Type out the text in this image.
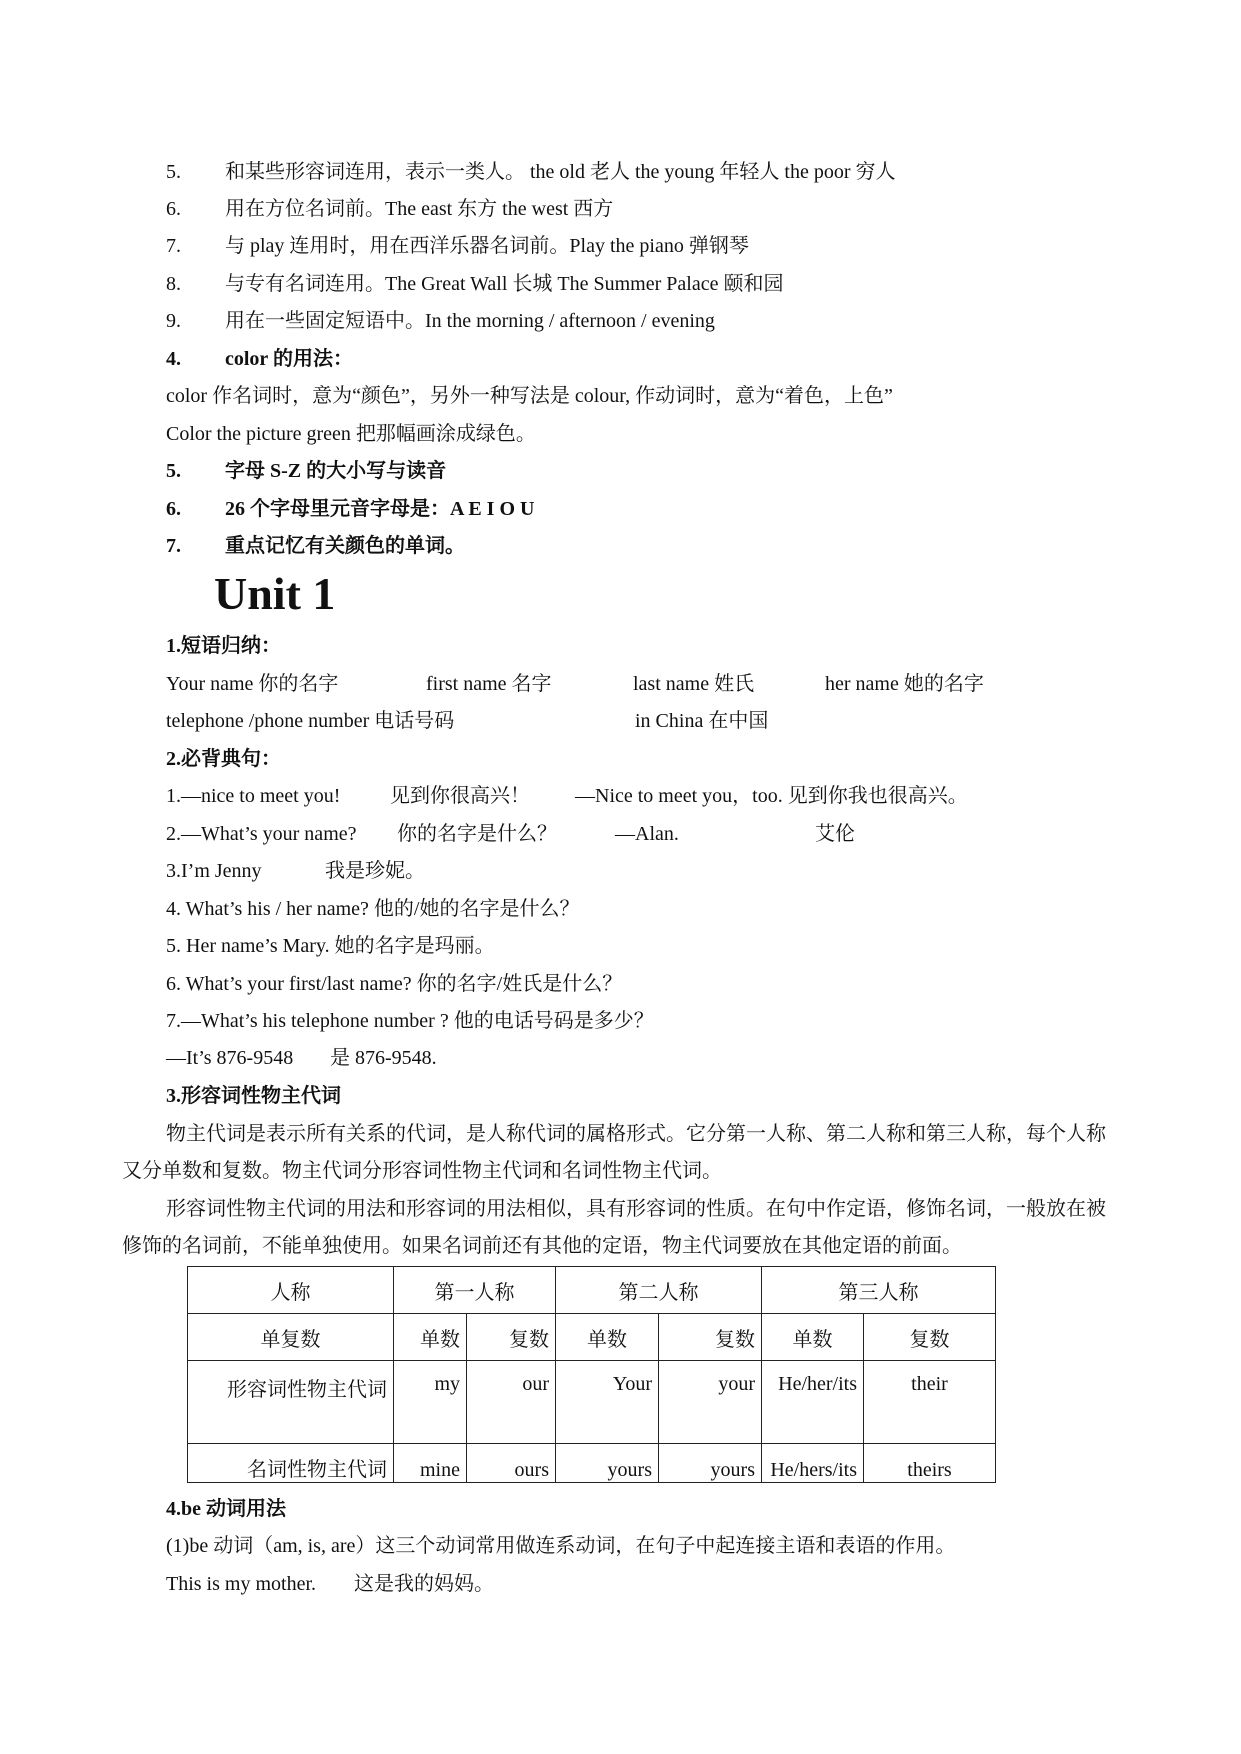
5. 和某些形容词连用，表示一类人。 the old 老人 the young 年轻人 the poor 穷人
6. 用在方位名词前。The east 东方 the west 西方
7. 与 play 连用时，用在西洋乐器名词前。Play the piano 弹钢琴
8. 与专有名词连用。The Great Wall 长城 The Summer Palace 颐和园
9. 用在一些固定短语中。In the morning / afternoon / evening
4. color 的用法：
color 作名词时，意为“颜色”，另外一种写法是 colour, 作动词时，意为“着色，上色”
Color the picture green 把那幅画涂成绿色。
5. 字母 S-Z 的大小写与读音
6. 26 个字母里元音字母是：A E I O U
7. 重点记忆有关颜色的单词。
Unit 1
1.短语归纳：
Your name 你的名字	first name 名字	last name 姓氏	her name 她的名字
telephone /phone number 电话号码	in China 在中国
2.必背典句：
1.—nice to meet you! 见到你很高兴！ —Nice to meet you，too. 见到你我也很高兴。
2.—What’s your name? 你的名字是什么？	—Alan.	艾伦
3.I’m Jenny	我是珍妮。
4. What’s his / her name? 他的/她的名字是什么？
5. Her name’s Mary. 她的名字是玛丽。
6. What’s your first/last name? 你的名字/姓氏是什么？
7.—What’s his telephone number ? 他的电话号码是多少？
—It’s 876-9548 是 876-9548.
3.形容词性物主代词
物主代词是表示所有关系的代词，是人称代词的属格形式。它分第一人称、第二人称和第三人称，每个人称又分单数和复数。物主代词分形容词性物主代词和名词性物主代词。
形容词性物主代词的用法和形容词的用法相似，具有形容词的性质。在句中作定语，修饰名词，一般放在被修饰的名词前，不能单独使用。如果名词前还有其他的定语，物主代词要放在其他定语的前面。
人称	第一人称		第二人称		第三人称	
单复数	单数	复数	单数	复数	单数	复数
形容词性物主代词	my	our	Your	your	He/her/its	their
名词性物主代词	mine	ours	yours	yours	He/hers/its	theirs
4.be 动词用法
(1)be 动词（am, is, are）这三个动词常用做连系动词，在句子中起连接主语和表语的作用。
This is my mother. 这是我的妈妈。
